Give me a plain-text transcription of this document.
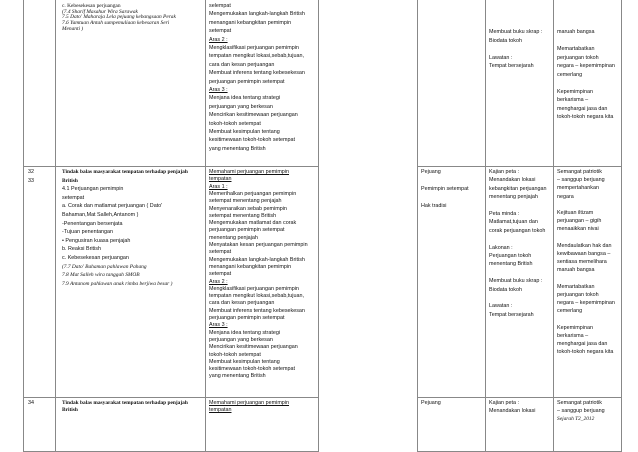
c. Kebesekesan perjuangan
(7.4 Sharif Masahur Wira Sarawak
7.5 Dato' Maharaja Lela pejuang kebangsaan Perak
7.6 Yamtuan Antah sumpemuliaan kebesaran Seri
Menanti )
selempat
Mengemukakan langkah-langkah British
menangani kebangkitan pemimpin
setempat
Aras 2 :
Mengklasifikasi perjuangan pemimpin
tempatan mengikut lokasi,sebab,tujuan,
cara dan kesan perjuangan
Membuat inferens tentang kebesekesan
perjuangan pemimpin setempat
Aras 3 :
Menjana idea tentang strategi
perjuangan yang berkesan
Mencirikan kesitimewaan perjuangan
tokoh-tokoh setempat
Membuat kesimpulan tentang
kesitimewaan tokoh-tokoh setempat
yang menentang British
32
33
Tindak balas masyarakat tempatan terhadap penjajah
British
4.1 Perjuangan pemimpin
setempat
a. Corak dan matlamat perjuangan ( Dato'
Bahaman,Mat Salleh,Antanom )
-Penentangan bersenjata
-Tujuan penentangan
• Pengusiran kuasa penjajah
b. Reaksi British
c. Kebesekesan perjuangan
(7.7 Dato' Bahaman pahlawan Pahang
7.8 Mat Salleh wira tanggah SMOB
7.9 Antanom pahlawan anak rimba berjiwa besar )
Memahami perjuangan pemimpin
tempatan
Aras 1 :
Memerihalkan perjuangan pemimpin
setempat menentang penjajah
Menyenaraikan sebab pemimpin
setempat menentang British
Mengemukakan matlamat dan corak
perjuangan pemimpin setempat
menentang penjajah
Menyatakan kesan perjuangan pemimpin
setempat
Mengemukakan langkah-langkah British
menangani kebangkitan pemimpin
setempat
Aras 2 :
Mengklasifikasi perjuangan pemimpin
tempatan mengikut lokasi,sebab,tujuan,
cara dan kesan perjuangan
Membuat inferens tentang kebesekesan
perjuangan pemimpin setempat
Aras 3 :
Menjana idea tentang strategi
perjuangan yang berkesan
Mencirikan kesitimewaan perjuangan
tokoh-tokoh setempat
Membuat kesimpulan tentang
kesitimewaan tokoh-tokoh setempat
yang menentang British
34	Tindak balas masyarakat tempatan terhadap penjajah
British
Memahami perjuangan pemimpin
tempatan
Membuat buku skrap :
Biodata tokoh
Lawatan :
Tempat bersejarah
maruah bangsa
Memartabatkan
perjuangan tokoh
negara – kepemimpinan
cemerlang
Kepemimpinan
berkarisma –
menghargai jasa dan
tokoh-tokoh negara kita
Pejuang
Pemimpin setempat
Hak tradisi
Kajian peta :
Menandakan lokasi
kebangkitan perjuangan
menentang penjajah
Peta minda :
Matlamat,tujuan dan
corak perjuangan tokoh
Lakonan :
Perjuangan tokoh
menentang British
Membuat buku skrap :
Biodata tokoh
Lawatan :
Tempat bersejarah
Semangat patriotik
– sanggup berjuang
mempertahankan
negara
Kejituan iltizam
perjuangan – gigih
menaaikkan nivai
Mendaulatkan hak dan
kewibawaan bangsa –
sentiasa memelihara
maruah bangsa
Memartabatkan
perjuangan tokoh
negara – kepemimpinan
cemerlang
Kepemimpinan
berkarisma –
menghargai jasa dan
tokoh-tokoh negara kita
Pejuang	Kajian peta :
Menandakan lokasi
Semangat patriotik
– sanggup berjuang
Sejarah T2_2012
